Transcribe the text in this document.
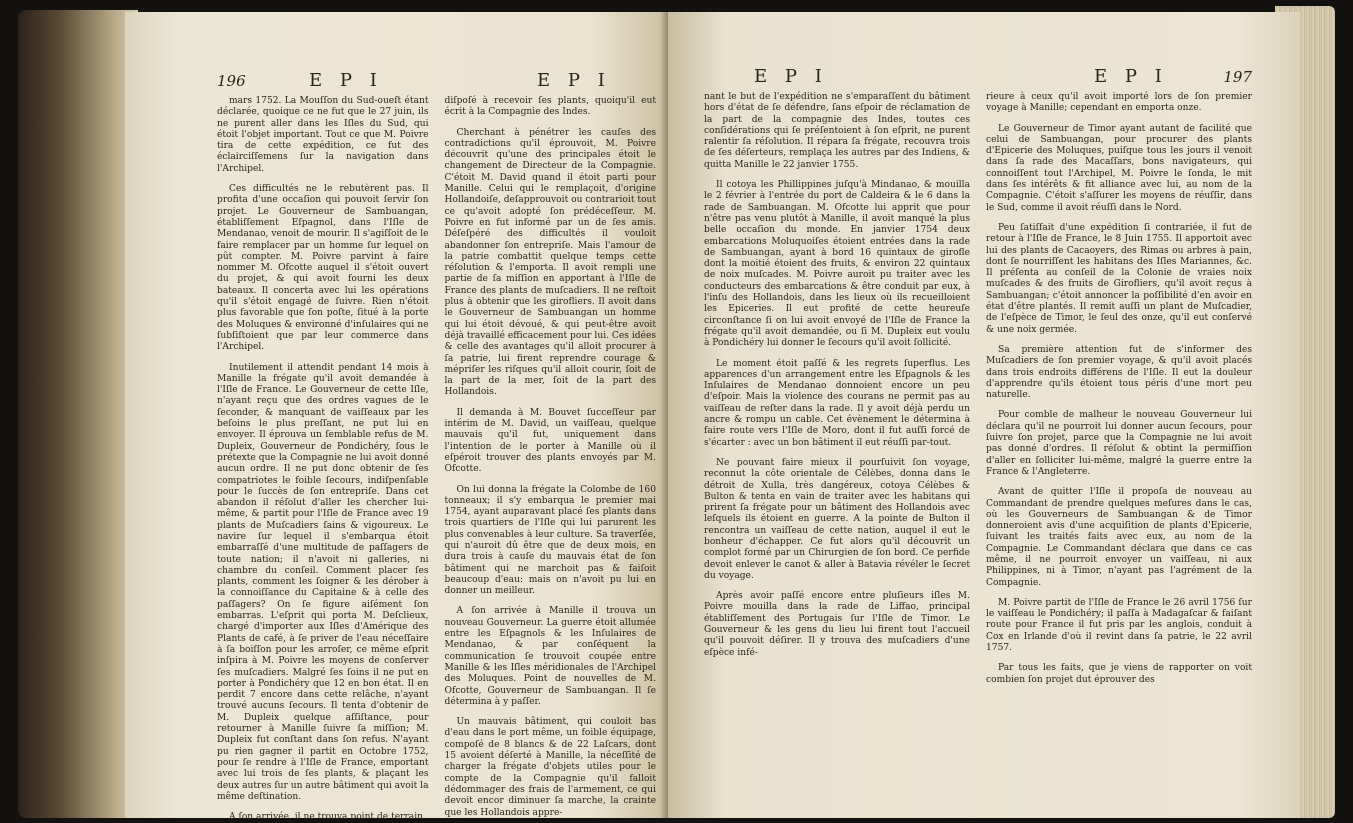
196	E P I	E P I

mars 1752. La Mouſſon du Sud-oueſt étant déclarée, quoique ce ne fut que le 27 juin, ils ne purent aller dans les Iſles du Sud, qui étoit l'objet important. Tout ce que M. Poivre tira de cette expédition, ce fut des éclairciſſemens ſur la navigation dans l'Archipel.

Ces difficultés ne le rebutèrent pas. Il profita d'une occaſion qui pouvoit ſervir ſon projet. Le Gouverneur de Sambuangan, établiſſement Eſpagnol, dans l'Iſle de Mendanao, venoit de mourir. Il s'agiſſoit de le faire remplacer par un homme ſur lequel on pût compter. M. Poivre parvint à faire nommer M. Ofcotte auquel il s'étoit ouvert du projet, & qui avoit fourni les deux bateaux. Il concerta avec lui les opérations qu'il s'étoit engagé de ſuivre. Rien n'étoit plus favorable que ſon poſte, ſitué à la porte des Moluques & environné d'inſulaires qui ne ſubſiſtoient que par leur commerce dans l'Archipel.

Inutilement il attendit pendant 14 mois à Manille la frégate qu'il avoit demandée à l'Iſle de France. Le Gouverneur de cette Iſle, n'ayant reçu que des ordres vagues de le ſeconder, & manquant de vaiſſeaux par les beſoins le plus preſſant, ne put lui en envoyer. Il éprouva un ſemblable refus de M. Dupleix, Gouverneur de Pondichéry, ſous le prétexte que la Compagnie ne lui avoit donné aucun ordre. Il ne put donc obtenir de ſes compatriotes le foible ſecours, indiſpenſable pour le ſuccès de ſon entrepriſe. Dans cet abandon il réſolut d'aller les chercher lui-même, & partit pour l'Iſle de France avec 19 plants de Muſcadiers ſains & vigoureux. Le navire ſur lequel il s'embarqua étoit embarraſſé d'une multitude de paſſagers de toute nation; il n'avoit ni galleries, ni chambre du conſeil. Comment placer ſes plants, comment les ſoigner & les dérober à la connoiſſance du Capitaine & à celle des paſſagers? On ſe figure aiſément ſon embarras. L'eſprit qui porta M. Deſclieux, chargé d'importer aux Iſles d'Amérique des Plants de café, à ſe priver de l'eau néceſſaire à ſa boiſſon pour les arroſer, ce même eſprit inſpira à M. Poivre les moyens de conſerver ſes muſcadiers. Malgré ſes ſoins il ne put en porter à Pondichéry que 12 en bon état. Il en perdit 7 encore dans cette relâche, n'ayant trouvé aucuns ſecours. Il tenta d'obtenir de M. Dupleix quelque aſſiſtance, pour retourner à Manille ſuivre ſa miſſion; M. Dupleix fut conſtant dans ſon refus. N'ayant pu rien gagner il partit en Octobre 1752, pour ſe rendre à l'Iſle de France, emportant avec lui trois de ſes plants, & plaçant les deux autres ſur un autre bâtiment qui avoit la même deſtination.

A ſon arrivée, il ne trouva point de terrain

diſpoſé à recevoir ſes plants, quoiqu'il eut écrit à la Compagnie des Indes.

Cherchant à pénétrer les cauſes des contradictions qu'il éprouvoit, M. Poivre découvrit qu'une des principales étoit le changement de Directeur de la Compagnie. C'étoit M. David quand il étoit parti pour Manille. Celui qui le remplaçoit, d'origine Hollandoiſe, deſapprouvoit ou contrarioit tout ce qu'avoit adopté ſon prédéceſſeur. M. Poivre en fut informé par un de ſes amis. Déſeſpéré des difficultés il vouloit abandonner ſon entrepriſe. Mais l'amour de la patrie combattit quelque temps cette réſolution & l'emporta. Il avoit rempli une partie de ſa miſſion en apportant à l'Iſle de France des plants de muſcadiers. Il ne reſtoit plus à obtenir que les girofliers. Il avoit dans le Gouverneur de Sambuangan un homme qui lui étoit dévoué, & qui peut-être avoit déjà travaillé efficacement pour lui. Ces idées & celle des avantages qu'il alloit procurer à ſa patrie, lui firent reprendre courage & mépriſer les riſques qu'il alloit courir, ſoit de la part de la mer, ſoit de la part des Hollandois.

Il demanda à M. Bouvet ſucceſſeur par intérim de M. David, un vaiſſeau, quelque mauvais qu'il fut, uniquement dans l'intention de le porter à Manille où il eſpéroit trouver des plants envoyés par M. Ofcotte.

On lui donna la frégate la Colombe de 160 tonneaux; il s'y embarqua le premier mai 1754, ayant auparavant placé ſes plants dans trois quartiers de l'Iſle qui lui parurent les plus convenables à leur culture. Sa traverſée, qui n'auroit dû être que de deux mois, en dura trois à cauſe du mauvais état de ſon bâtiment qui ne marchoit pas & faiſoit beaucoup d'eau: mais on n'avoit pu lui en donner un meilleur.

A ſon arrivée à Manille il trouva un nouveau Gouverneur. La guerre étoit allumée entre les Eſpagnols & les Inſulaires de Mendanao, & par conſéquent la communication ſe trouvoit coupée entre Manille & les Iſles méridionales de l'Archipel des Moluques. Point de nouvelles de M. Ofcotte, Gouverneur de Sambuangan. Il ſe détermina à y paſſer.

Un mauvais bâtiment, qui couloit bas d'eau dans le port même, un foible équipage, compoſé de 8 blancs & de 22 Laſcars, dont 15 avoient déſerté à Manille, la néceſſité de charger la frégate d'objets utiles pour le compte de la Compagnie qu'il falloit dédommager des frais de l'armement, ce qui devoit encor diminuer ſa marche, la crainte que les Hollandois appre-

E P I	E P I	197

nant le but de l'expédition ne s'emparaſſent du bâtiment hors d'état de ſe défendre, ſans eſpoir de réclamation de la part de la compagnie des Indes, toutes ces conſidérations qui ſe préſentoient à ſon eſprit, ne purent ralentir ſa réſolution. Il répara ſa frégate, recouvra trois de ſes déſerteurs, remplaça les autres par des Indiens, & quitta Manille le 22 janvier 1755.

Il cotoya les Phillippines juſqu'à Mindanao, & mouilla le 2 février à l'entrée du port de Caldeira & le 6 dans la rade de Sambuangan. M. Ofcotte lui apprit que pour n'être pas venu plutôt à Manille, il avoit manqué la plus belle occaſion du monde. En janvier 1754 deux embarcations Moluquoiſes étoient entrées dans la rade de Sambuangan, ayant à bord 16 quintaux de girofle dont la moitié étoient des fruits, & environ 22 quintaux de noix muſcades. M. Poivre auroit pu traiter avec les conducteurs des embarcations & être conduit par eux, à l'inſu des Hollandois, dans les lieux où ils recueilloient les Epiceries. Il eut profité de cette heureuſe circonſtance ſi on lui avoit envoyé de l'Iſle de France la frégate qu'il avoit demandée, ou ſi M. Dupleix eut voulu à Pondichéry lui donner le ſecours qu'il avoit ſollicité.

Le moment étoit paſſé & les regrets ſuperflus. Les apparences d'un arrangement entre les Eſpagnols & les Inſulaires de Mendanao donnoient encore un peu d'eſpoir. Mais la violence des courans ne permit pas au vaiſſeau de reſter dans la rade. Il y avoit déjà perdu un ancre & rompu un cable. Cet évènement le détermina à faire route vers l'Iſle de Moro, dont il fut auſſi forcé de s'écarter : avec un bon bâtiment il eut réuſſi par-tout.

Ne pouvant faire mieux il pourſuivit ſon voyage, reconnut la côte orientale de Célèbes, donna dans le détroit de Xulla, très dangéreux, cotoya Célèbes & Bulton & tenta en vain de traiter avec les habitans qui prirent ſa frégate pour un bâtiment des Hollandois avec leſquels ils étoient en guerre. A la pointe de Bulton il rencontra un vaiſſeau de cette nation, auquel il eut le bonheur d'échapper. Ce fut alors qu'il découvrit un complot formé par un Chirurgien de ſon bord. Ce perfide devoit enlever le canot & aller à Batavia révéler le ſecret du voyage.

Après avoir paſſé encore entre pluſieurs iſles M. Poivre mouilla dans la rade de Liffao, principal établiſſement des Portugais ſur l'Iſle de Timor. Le Gouverneur & les gens du lieu lui firent tout l'accueil qu'il pouvoit déſirer. Il y trouva des muſcadiers d'une eſpèce infé-

rieure à ceux qu'il avoit importé lors de ſon premier voyage à Manille; cependant en emporta onze.

Le Gouverneur de Timor ayant autant de facilité que celui de Sambuangan, pour procurer des plants d'Epicerie des Moluques, puiſque tous les jours il venoit dans ſa rade des Macaſſars, bons navigateurs, qui connoiſſent tout l'Archipel, M. Poivre le ſonda, le mit dans ſes intérêts & fit alliance avec lui, au nom de la Compagnie. C'étoit s'aſſurer les moyens de réuſſir, dans le Sud, comme il avoit réuſſi dans le Nord.

Peu ſatiſfait d'une expédition ſi contrariée, il fut de retour à l'Iſle de France, le 8 Juin 1755. Il apportoit avec lui des plants de Cacaoyers, des Rimas ou arbres à pain, dont ſe nourriſſent les habitans des Iſles Mariannes, &c. Il préſenta au conſeil de la Colonie de vraies noix muſcades & des fruits de Girofliers, qu'il avoit reçus à Sambuangan; c'étoit annoncer la poſſibilité d'en avoir en état d'être plantés. Il remit auſſi un plant de Muſcadier, de l'eſpèce de Timor, le ſeul des onze, qu'il eut conſervé & une noix germée.

Sa première attention fut de s'informer des Muſcadiers de ſon premier voyage, & qu'il avoit placés dans trois endroits différens de l'Iſle. Il eut la douleur d'apprendre qu'ils étoient tous péris d'une mort peu naturelle.

Pour comble de malheur le nouveau Gouverneur lui déclara qu'il ne pourroit lui donner aucun ſecours, pour ſuivre ſon projet, parce que la Compagnie ne lui avoit pas donné d'ordres. Il réſolut & obtint la permiſſion d'aller en ſolliciter lui-même, malgré la guerre entre la France & l'Angleterre.

Avant de quitter l'Iſle il propoſa de nouveau au Commandant de prendre quelques meſures dans le cas, où les Gouverneurs de Sambuangan & de Timor donneroient avis d'une acquiſition de plants d'Epicerie, ſuivant les traités faits avec eux, au nom de la Compagnie. Le Commandant déclara que dans ce cas même, il ne pourroit envoyer un vaiſſeau, ni aux Philippines, ni à Timor, n'ayant pas l'agrément de la Compagnie.

M. Poivre partit de l'Iſle de France le 26 avril 1756 ſur le vaiſſeau le Pondichéry; il paſſa à Madagaſcar & faiſant route pour France il fut pris par les anglois, conduit à Cox en Irlande d'où il revint dans ſa patrie, le 22 avril 1757.

Par tous les faits, que je viens de rapporter on voit combien ſon projet dut éprouver des
